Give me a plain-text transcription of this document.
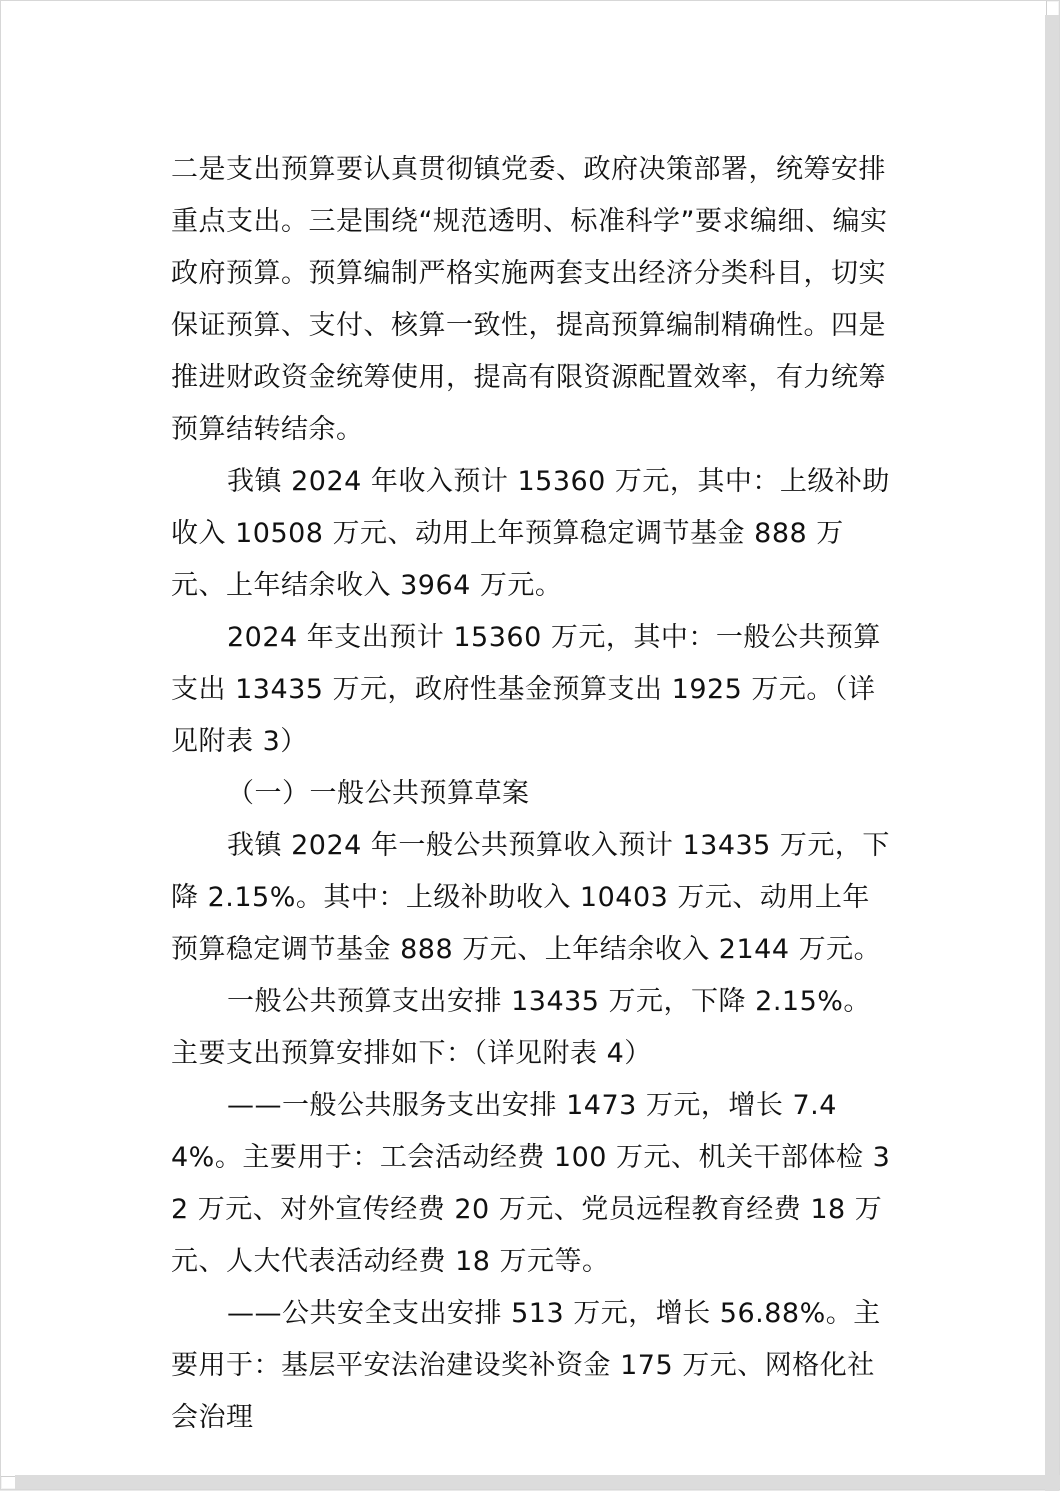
二是支出预算要认真贯彻镇党委、政府决策部署，统筹安排重点支出。三是围绕“规范透明、标准科学”要求编细、编实政府预算。预算编制严格实施两套支出经济分类科目，切实保证预算、支付、核算一致性，提高预算编制精确性。四是推进财政资金统筹使用，提高有限资源配置效率，有力统筹预算结转结余。

我镇 2024 年收入预计 15360 万元，其中：上级补助收入 10508 万元、动用上年预算稳定调节基金 888 万元、上年结余收入 3964 万元。

2024 年支出预计 15360 万元，其中：一般公共预算支出 13435 万元，政府性基金预算支出 1925 万元。（详见附表 3）

（一）一般公共预算草案

我镇 2024 年一般公共预算收入预计 13435 万元，下降 2.15%。其中：上级补助收入 10403 万元、动用上年预算稳定调节基金 888 万元、上年结余收入 2144 万元。

一般公共预算支出安排 13435 万元，下降 2.15%。主要支出预算安排如下：（详见附表 4）

——一般公共服务支出安排 1473 万元，增长 7.44%。主要用于：工会活动经费 100 万元、机关干部体检 32 万元、对外宣传经费 20 万元、党员远程教育经费 18 万元、人大代表活动经费 18 万元等。

——公共安全支出安排 513 万元，增长 56.88%。主要用于：基层平安法治建设奖补资金 175 万元、网格化社会治理
